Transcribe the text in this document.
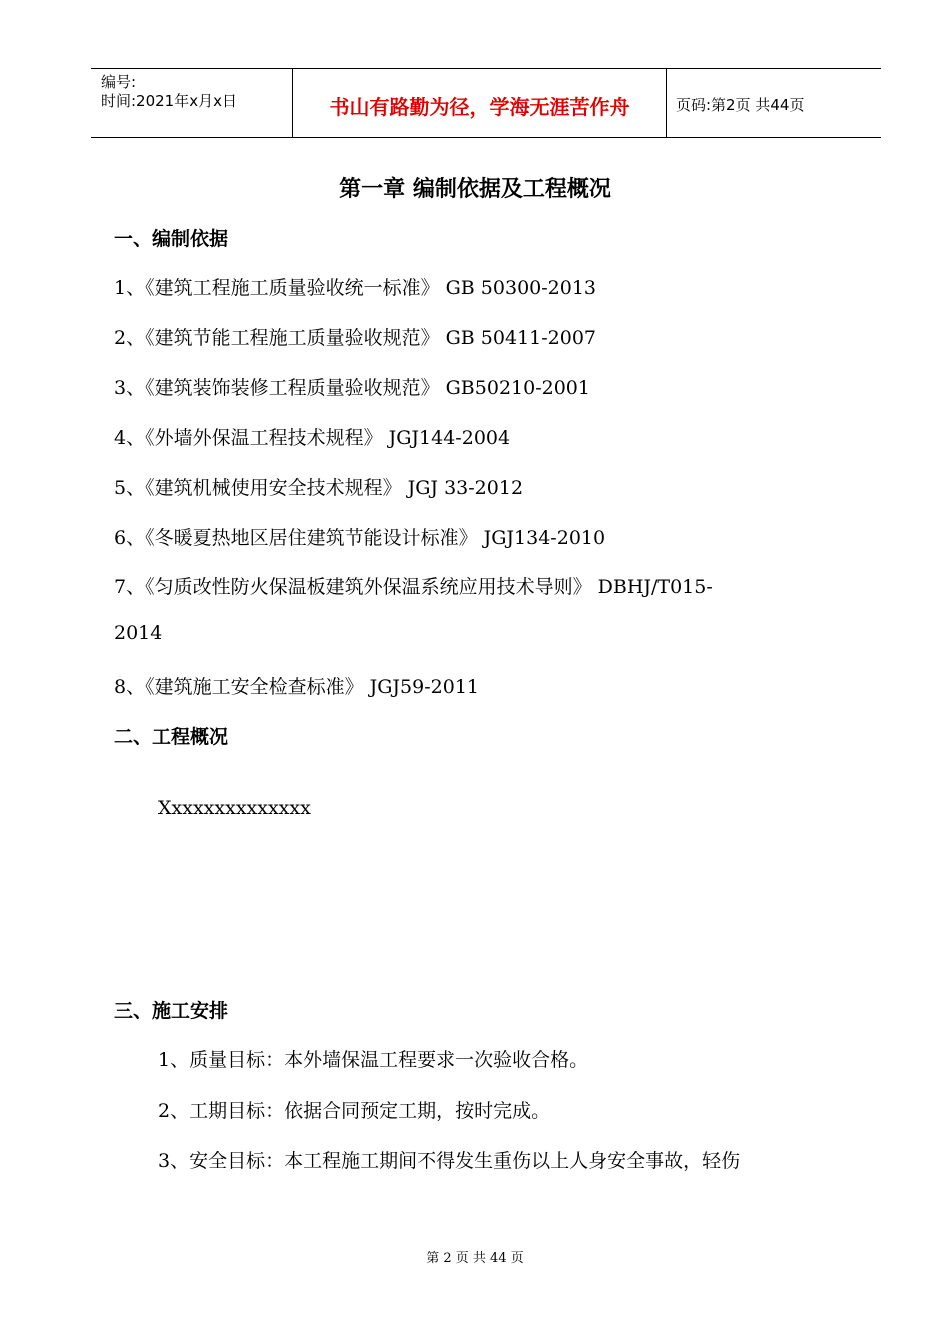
编号:
时间:2021年x月x日	书山有路勤为径，学海无涯苦作舟	页码:第2页 共44页
第一章 编制依据及工程概况
一、编制依据
1、《建筑工程施工质量验收统一标准》 GB 50300-2013
2、《建筑节能工程施工质量验收规范》 GB 50411-2007
3、《建筑装饰装修工程质量验收规范》 GB50210-2001
4、《外墙外保温工程技术规程》 JGJ144-2004
5、《建筑机械使用安全技术规程》 JGJ 33-2012
6、《冬暖夏热地区居住建筑节能设计标准》 JGJ134-2010
7、《匀质改性防火保温板建筑外保温系统应用技术导则》 DBHJ/T015-
2014
8、《建筑施工安全检查标准》 JGJ59-2011
二、工程概况
Xxxxxxxxxxxxxx
三、施工安排
1、质量目标：本外墙保温工程要求一次验收合格。
2、工期目标：依据合同预定工期，按时完成。
3、安全目标：本工程施工期间不得发生重伤以上人身安全事故，轻伤
第 2 页 共 44 页
